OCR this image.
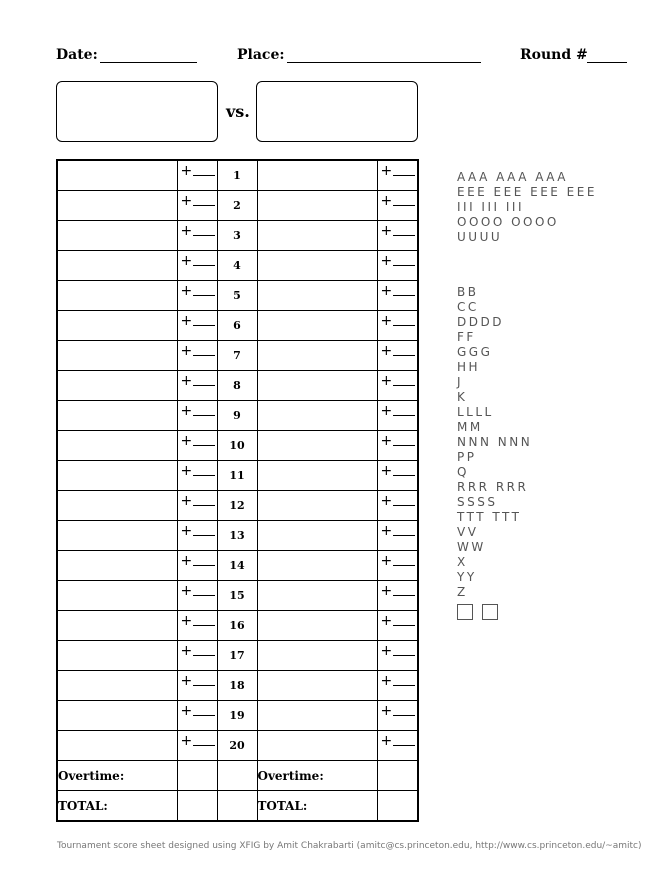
Date:	Place:	Round #
vs.

	+	1		+

	+	2		+

	+	3		+

	+	4		+

	+	5		+

	+	6		+

	+	7		+

	+	8		+

	+	9		+

	+	10		+

	+	11		+

	+	12		+

	+	13		+

	+	14		+

	+	15		+

	+	16		+

	+	17		+

	+	18		+

	+	19		+

	+	20		+

Overtime:			Overtime:	
TOTAL:			TOTAL:	
AAA AAA AAA
EEE EEE EEE EEE
III III III
OOOO OOOO
UUUU
BB
CC
DDDD
FF
GGG
HH
J
K
LLLL
MM
NNN NNN
PP
Q
RRR RRR
SSSS
TTT TTT
VV
WW
X
YY
Z
Tournament score sheet designed using XFIG by Amit Chakrabarti (amitc@cs.princeton.edu, http://www.cs.princeton.edu/~amitc)
